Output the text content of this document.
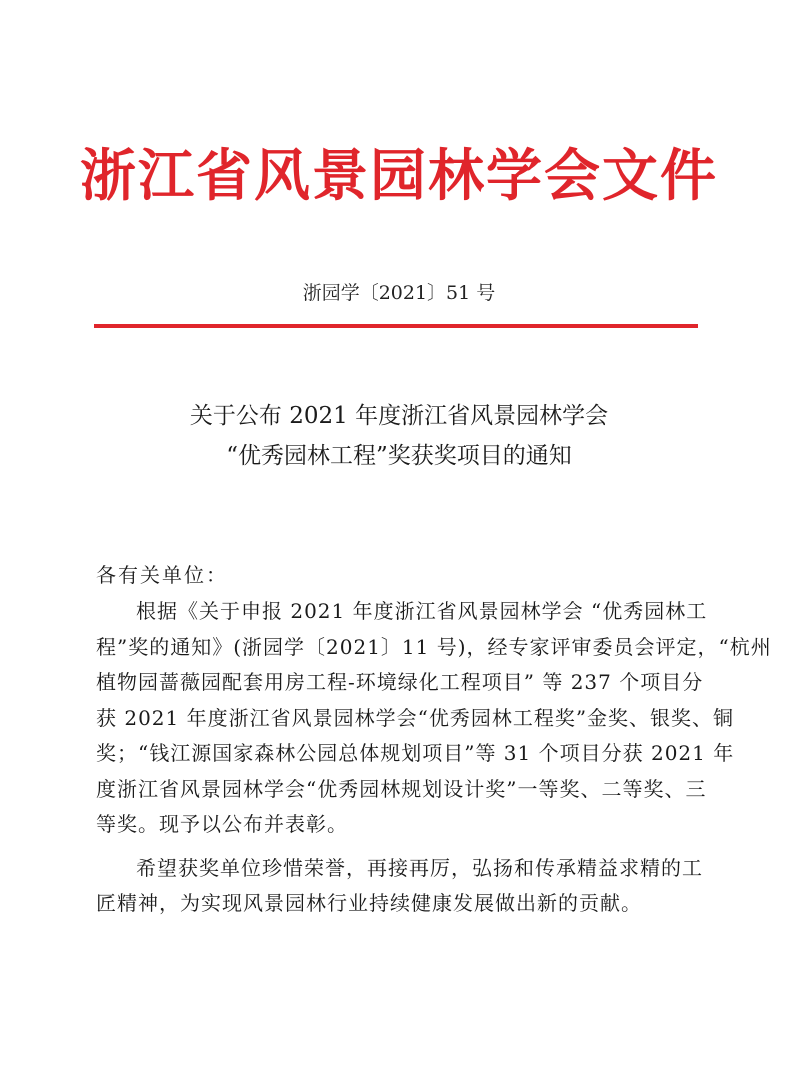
浙江省风景园林学会文件
浙园学〔2021〕51 号
关于公布 2021 年度浙江省风景园林学会
“优秀园林工程”奖获奖项目的通知
各有关单位：
根据《关于申报 2021 年度浙江省风景园林学会 “优秀园林工
程”奖的通知》(浙园学〔2021〕11 号)，经专家评审委员会评定，“杭州
植物园蔷薇园配套用房工程-环境绿化工程项目” 等 237 个项目分
获 2021 年度浙江省风景园林学会“优秀园林工程奖”金奖、银奖、铜
奖；“钱江源国家森林公园总体规划项目”等 31 个项目分获 2021 年
度浙江省风景园林学会“优秀园林规划设计奖”一等奖、二等奖、三
等奖。现予以公布并表彰。
希望获奖单位珍惜荣誉，再接再厉，弘扬和传承精益求精的工
匠精神，为实现风景园林行业持续健康发展做出新的贡献。
